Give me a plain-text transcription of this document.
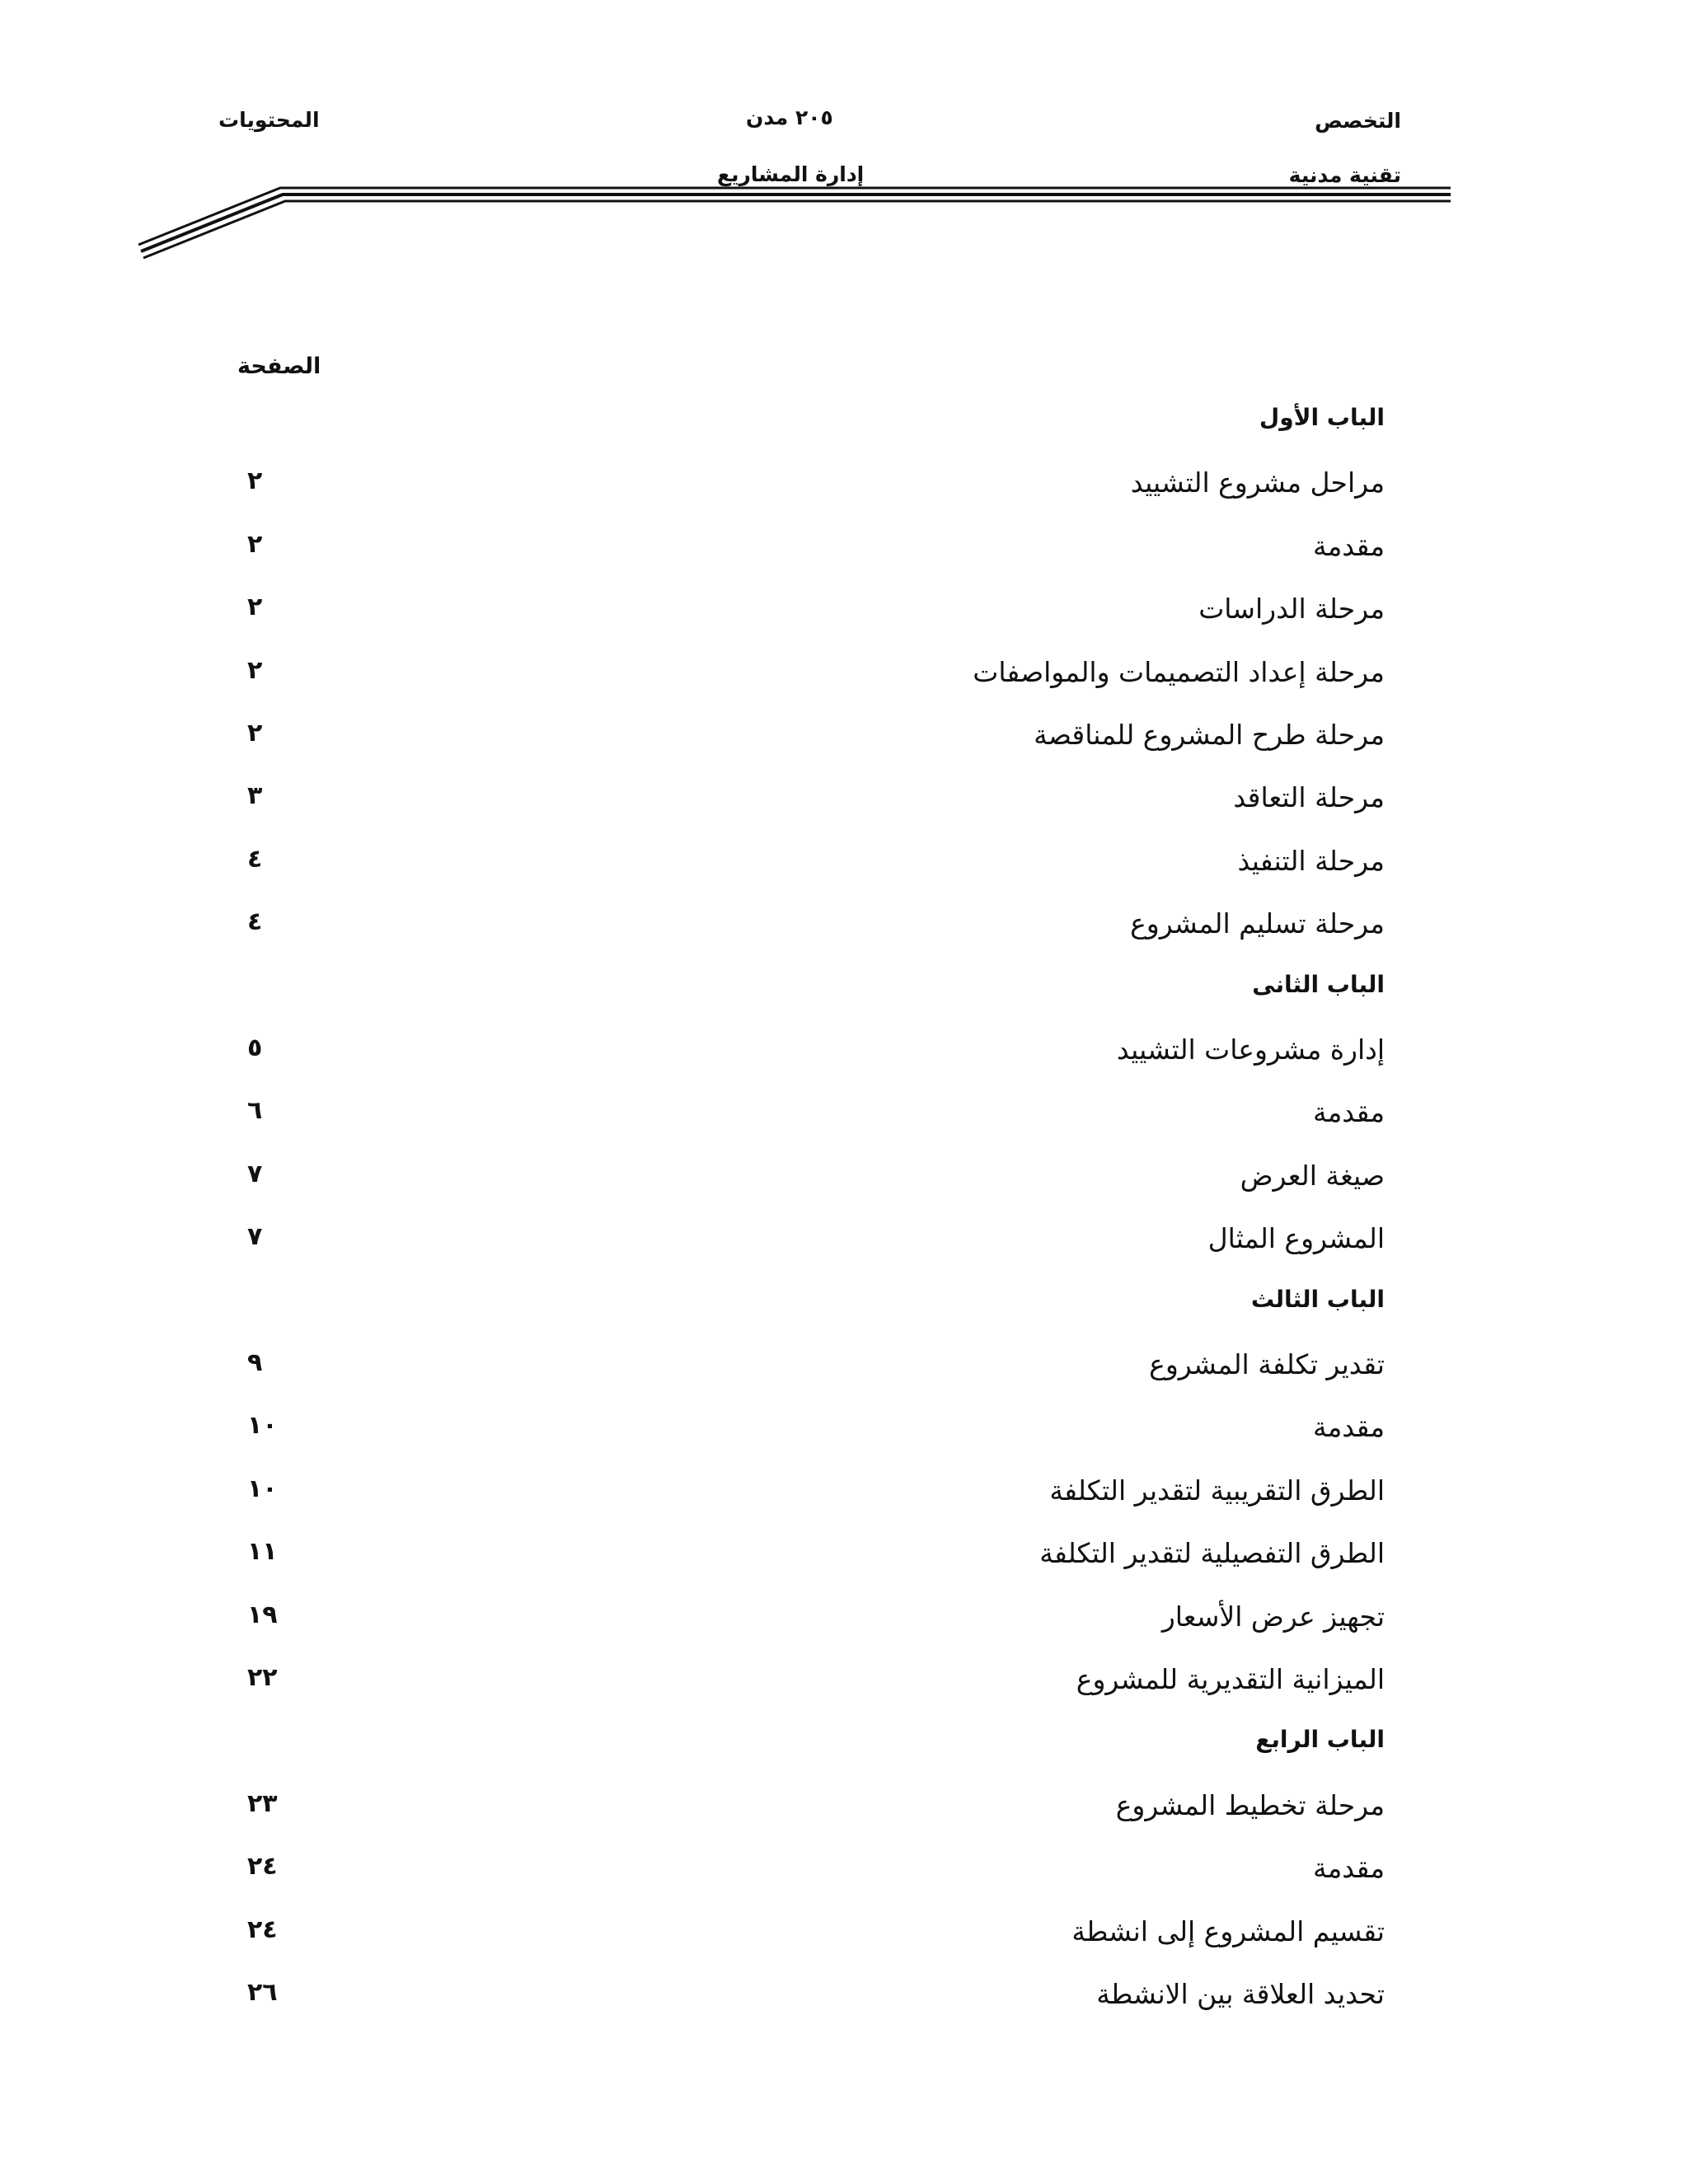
التخصص
تقنية مدنية
٢٠٥ مدن
إدارة المشاريع
المحتويات
الصفحة
الباب الأول
مراحل مشروع التشييد
٢
مقدمة
٢
مرحلة الدراسات
٢
مرحلة إعداد التصميمات والمواصفات
٢
مرحلة طرح المشروع للمناقصة
٢
مرحلة التعاقد
٣
مرحلة التنفيذ
٤
مرحلة تسليم المشروع
٤
الباب الثانى
إدارة مشروعات التشييد
٥
مقدمة
٦
صيغة العرض
٧
المشروع المثال
٧
الباب الثالث
تقدير تكلفة المشروع
٩
مقدمة
١٠
الطرق التقريبية لتقدير التكلفة
١٠
الطرق التفصيلية لتقدير التكلفة
١١
تجهيز عرض الأسعار
١٩
الميزانية التقديرية للمشروع
٢٢
الباب الرابع
مرحلة تخطيط المشروع
٢٣
مقدمة
٢٤
تقسيم المشروع إلى انشطة
٢٤
تحديد العلاقة بين الانشطة
٢٦
